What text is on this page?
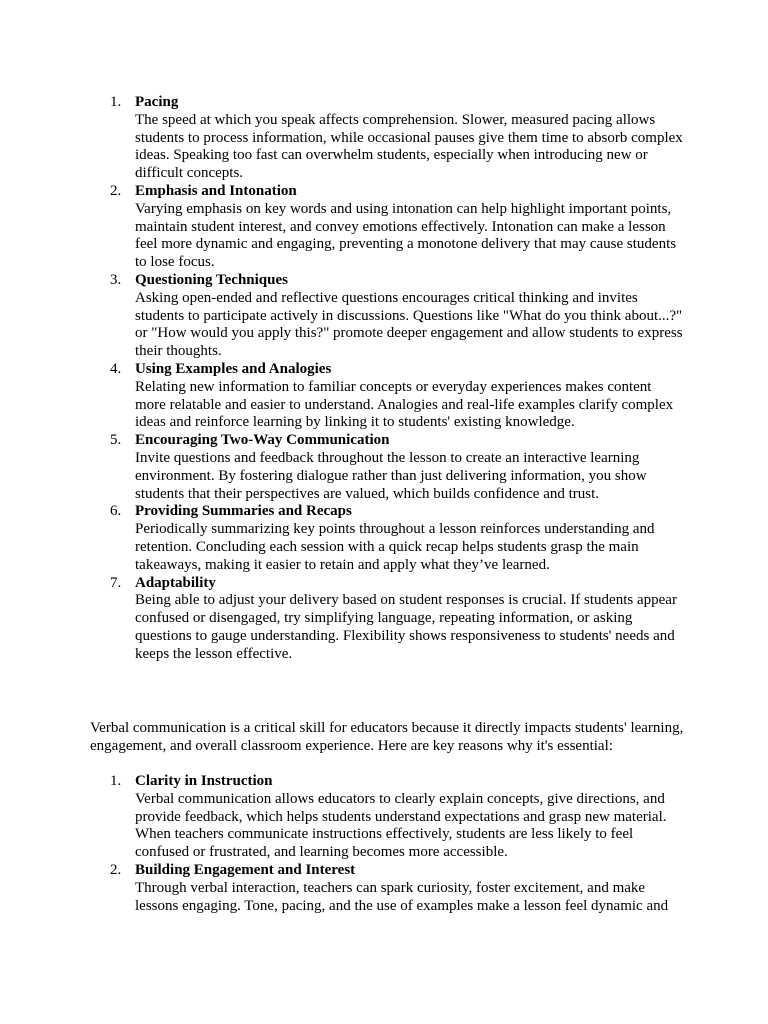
1. Pacing
The speed at which you speak affects comprehension. Slower, measured pacing allows students to process information, while occasional pauses give them time to absorb complex ideas. Speaking too fast can overwhelm students, especially when introducing new or difficult concepts.
2. Emphasis and Intonation
Varying emphasis on key words and using intonation can help highlight important points, maintain student interest, and convey emotions effectively. Intonation can make a lesson feel more dynamic and engaging, preventing a monotone delivery that may cause students to lose focus.
3. Questioning Techniques
Asking open-ended and reflective questions encourages critical thinking and invites students to participate actively in discussions. Questions like "What do you think about...?" or "How would you apply this?" promote deeper engagement and allow students to express their thoughts.
4. Using Examples and Analogies
Relating new information to familiar concepts or everyday experiences makes content more relatable and easier to understand. Analogies and real-life examples clarify complex ideas and reinforce learning by linking it to students' existing knowledge.
5. Encouraging Two-Way Communication
Invite questions and feedback throughout the lesson to create an interactive learning environment. By fostering dialogue rather than just delivering information, you show students that their perspectives are valued, which builds confidence and trust.
6. Providing Summaries and Recaps
Periodically summarizing key points throughout a lesson reinforces understanding and retention. Concluding each session with a quick recap helps students grasp the main takeaways, making it easier to retain and apply what they’ve learned.
7. Adaptability
Being able to adjust your delivery based on student responses is crucial. If students appear confused or disengaged, try simplifying language, repeating information, or asking questions to gauge understanding. Flexibility shows responsiveness to students' needs and keeps the lesson effective.

Verbal communication is a critical skill for educators because it directly impacts students' learning, engagement, and overall classroom experience. Here are key reasons why it's essential:

1. Clarity in Instruction
Verbal communication allows educators to clearly explain concepts, give directions, and provide feedback, which helps students understand expectations and grasp new material. When teachers communicate instructions effectively, students are less likely to feel confused or frustrated, and learning becomes more accessible.
2. Building Engagement and Interest
Through verbal interaction, teachers can spark curiosity, foster excitement, and make lessons engaging. Tone, pacing, and the use of examples make a lesson feel dynamic and
